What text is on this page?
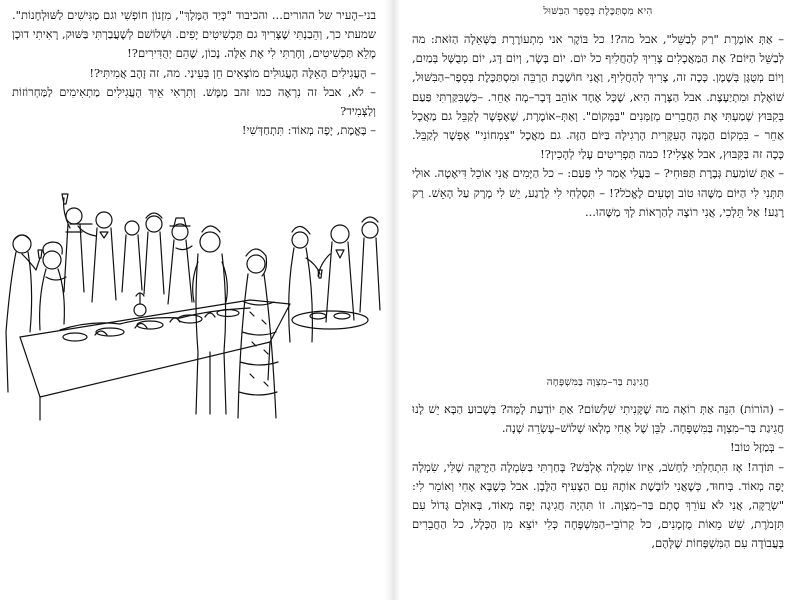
בני–הָעיר של ההורים... והכיבוד "כְּיַד הַמֶּלֶךְ", מִזְנוֹן חוֹפְשִׁי וגם מַגִּישִׁים לַשּׁוּלְחָנוֹת". שמעתי כך, וְהֵבַנְתִּי שֶׁצָּרִיךְ גם תַּכְשִׁיטִים יָפִים. וּשְׁלוֹשׁם לְשֶׁעֲבַרְתִּי בַּשּׁוּק, רָאִיתִי דוּכָן מָלֵא תַּכְשִׁיטִים, וְחָרַתִּי לִי אֶת אֵלֶּה. נָכוֹן, שֶׁהֵם יְהֻדִּירִים?!

– הָעֲגִילִים הָאֵלֶּה הָעֲגוּלִים מוֹצְאִים חֵן בְּעֵינַי. מה, זה זָהָב אֲמִיתִּי?!

– לֹא, אבל זה נִרְאֶה כמו זהב מַמָּשׁ. וְתִרְאִי אֵיךְ הָעֲגִילִים מַתְאִימִים לַמַּחְרוֹזוֹת וְלַצְּמִיד?

– בֶּאֱמֶת, יָפֶה מְאוֹד: תִּתְחַדְּשִׁי!

הִיא מִסְתַּכֶּלֶת בְּסֵפֶר הַבִּשּׁוּל

– אַתְּ אוֹמֶרֶת "רַק לְבַשֵּׁל", אבל מה?! כל בּוֹקֶר אני מִתְעוֹרֶרֶת בַּשְּׁאֵלָה הַזֹּאת: מה לְבַשֵּׁל הַיּוֹם? אֶת הַמַּאֲכָלִים צָרִיךְ לְהַחֲלִיף כל יוֹם. יוֹם בָּשָׂר, וְיוֹם דָּג, יוֹם מְבֻשָּׁל בְּמַיִם, וְיוֹם מְטֻגָּן בְּשֶׁמֶן. כָּכָה זה, צָרִיךְ לְהַחֲלִיף, וַאֲנִי חוֹשֶׁבֶת הַרְבֵּה וּמִסְתַּכֶּלֶת בְּסֵפֶר–הַבִּשּׁוּל, שׁוֹאֶלֶת וּמִתְיַעֶצֶת. אבל הַצָּרָה הִיא, שֶׁכָּל אֶחָד אוֹהֵב דָּבָר–מָה אַחֵר. –כְּשֶׁבִּקַּרְתִּי פַּעַם בְּקִבּוּץ שָׁמַעְתִּי אֶת הַחֲבֵרִים מְזַמְּנִים "בַּמָּקוֹם". וְאַתְּ–אוֹמֶרֶת, שֶׁאֶפְשָׁר לְקַבֵּל גם מַאֲכָל אַחֵר – בִּמְקוֹם הַמָּנָה הָעִקָּרִית הָרְגִילָה בַּיּוֹם הַזֶּה. גם מַאֲכָל "צִמְחוֹנִי" אֶפְשָׁר לְקַבֵּל. כָּכָה זה בַּקִּבּוּץ, אבל אֶצְלִי?! כמה תַּפְרִיטִים עָלַי לְהָכִין?!

– אַתְּ שׁוֹמַעַת גְּבֶרֶת תַּפּוּחִי? – בַּעֲלִי אָמַר לִי פַּעַם: – כל הַיָּמִים אֲנִי אוֹכֵל דִּיאֶטָה. אוּלַי תִּתְּנִי לִי הַיּוֹם מַשֶּׁהוּ טוֹב וְטָעִים לֶאֱכֹל?! – תִּסְלְחִי לִי לְרֶגַע, יֵשׁ לִי מָרָק עַל הָאֵשׁ. רַק רֶגַע! אַל תֵּלְכִי, אֲנִי רוֹצָה לְהַרְאוֹת לָךְ מַשֶּׁהוּ...

חֲגִיגַת בַּר–מִצְוָה בַּמִּשְׁפָּחָה

– (הוֹרוֹת) הִנֵּה אַתְּ רוֹאָה מה שֶׁקָּנִיתִי שִׁלְשׁוֹם? אַתְּ יוֹדַעַת לָמָּה? בְּשָׁבוּעַ הַבָּא יֵשׁ לָנוּ חֲגִיגַת בַּר–מִצְוָה בַּמִּשְׁפָּחָה. לַבֵּן שֶׁל אָחִי מָלְאוּ שְׁלוֹשׁ–עֶשְׂרֵה שָׁנָה.

– בְּמַזָּל טוֹב!

– תּוֹדָה! אָז הִתְחַלְתִּי לַחְשֹׁב, אֵיזוֹ שִׂמְלָה אֶלְבַּשׁ? בָּחַרְתִּי בַּשִּׂמְלָה הַיְּרֻקָּה שֶׁלִּי, שִׂמְלָה יָפָה מְאוֹד. בְּיִחוּד, כְּשֶׁאֲנִי לוֹבֶשֶׁת אוֹתָהּ עִם הַצָּעִיף הַלָּבָן. אבל כְּשֶׁבָּא אָחִי וְאוֹמֵר לִי: "שְׂרֻקָּה, אֲנִי לֹא עוֹרֵךְ סְתָם בַּר–מִצְוָה. זוֹ תִּהְיֶה חֲגִיגָה יָפָה מְאוֹד, בְּאוּלָם גָּדוֹל עִם תִּזְמֹרֶת, שֵׁשׁ מֵאוֹת מֻזְמָנִים, כל קְרוֹבֵי–הַמִּשְׁפָּחָה כְּלִי יוֹצֵא מִן הַכְּלָל, כל הַחֲבֵרִים בָּעֲבוֹדָה עִם הַמִּשְׁפָּחוֹת שֶׁלָּהֶם,
